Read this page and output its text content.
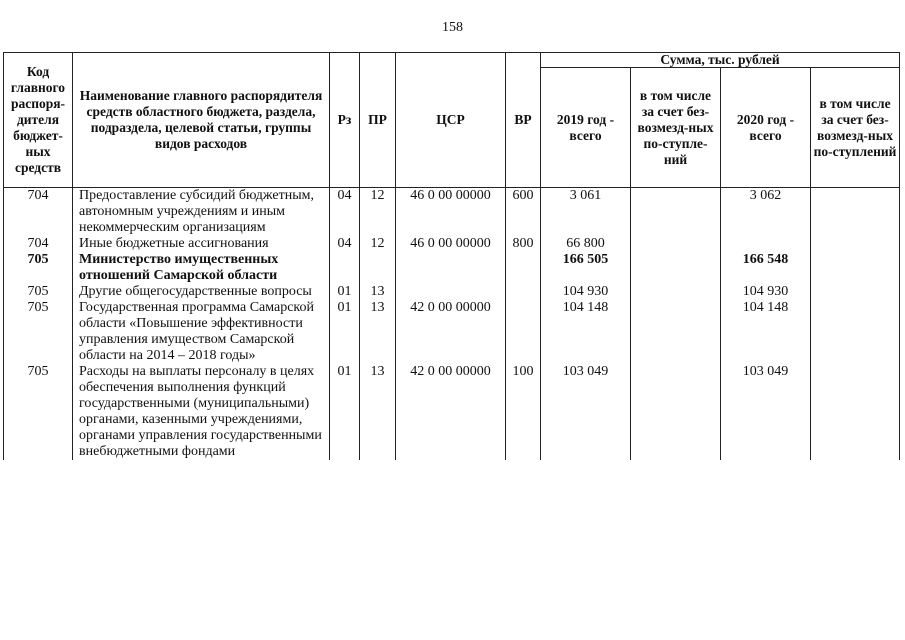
158
Код главного распоря-дителя бюджет-ных средств	Наименование главного распорядителя средств областного бюджета, раздела, подраздела, целевой статьи, группы видов расходов	Рз	ПР	ЦСР	ВР	Сумма, тыс. рублей			
						2019 год - всего	в том числе за счет без-возмезд-ных по-ступле-ний	2020 год - всего	в том числе за счет без-возмезд-ных по-ступлений
704	Предоставление субсидий бюджетным, автономным учреждениям и иным некоммерческим организациям	04	12	46 0 00 00000	600	3 061		3 062	
704	Иные бюджетные ассигнования	04	12	46 0 00 00000	800	66 800			
705	Министерство имущественных отношений Самарской области					166 505		166 548	
705	Другие общегосударственные вопросы	01	13			104 930		104 930	
705	Государственная программа Самарской области «Повышение эффективности управления имуществом Самарской области на 2014 – 2018 годы»	01	13	42 0 00 00000		104 148		104 148	
705	Расходы на выплаты персоналу в целях обеспечения выполнения функций государственными (муниципальными) органами, казенными учреждениями, органами управления государственными внебюджетными фондами	01	13	42 0 00 00000	100	103 049		103 049	
